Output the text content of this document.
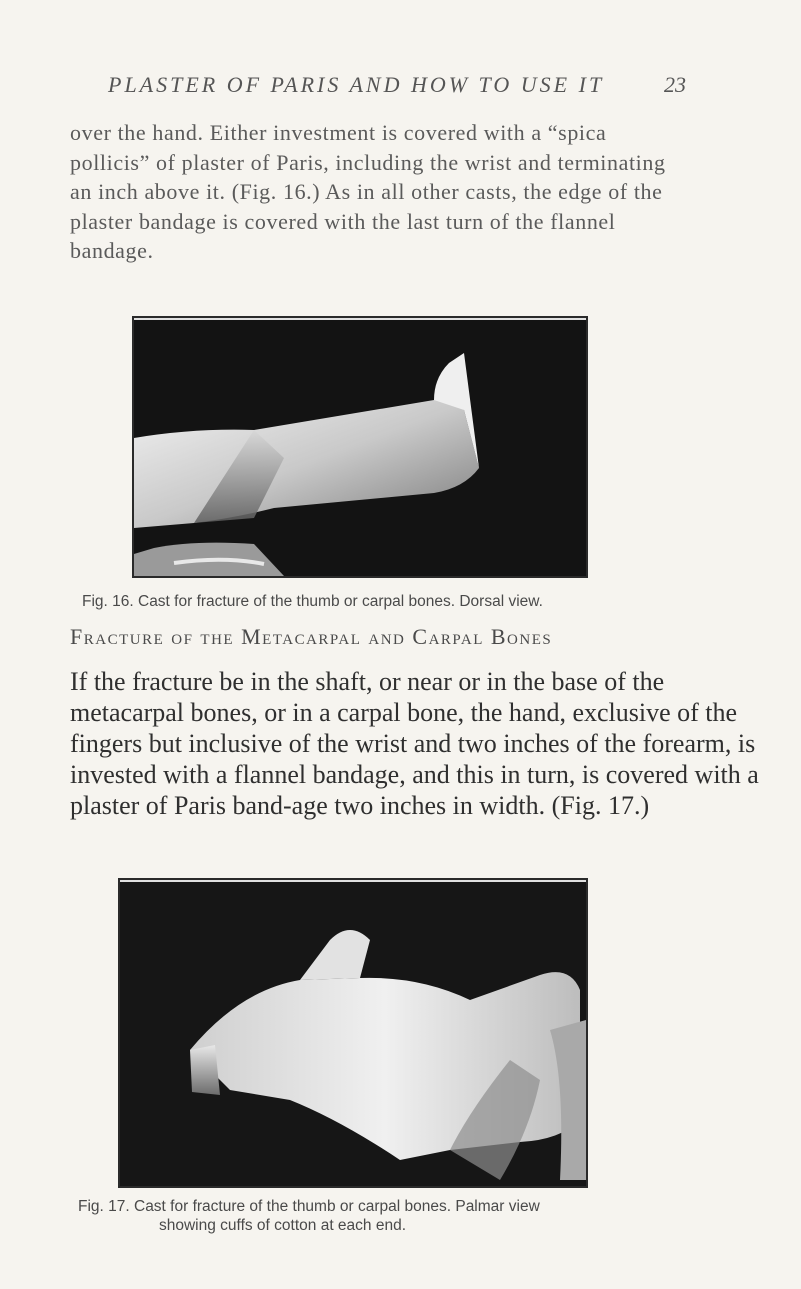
PLASTER OF PARIS AND HOW TO USE IT	23
over the hand. Either investment is covered with a “spica pollicis” of plaster of Paris, including the wrist and terminating an inch above it. (Fig. 16.) As in all other casts, the edge of the plaster bandage is covered with the last turn of the flannel bandage.
Fig. 16. Cast for fracture of the thumb or carpal bones. Dorsal view.
Fracture of the Metacarpal and Carpal Bones
If the fracture be in the shaft, or near or in the base of the metacarpal bones, or in a carpal bone, the hand, exclusive of the fingers but inclusive of the wrist and two inches of the forearm, is invested with a flannel bandage, and this in turn, is covered with a plaster of Paris band-age two inches in width. (Fig. 17.)
Fig. 17. Cast for fracture of the thumb or carpal bones. Palmar view
showing cuffs of cotton at each end.
